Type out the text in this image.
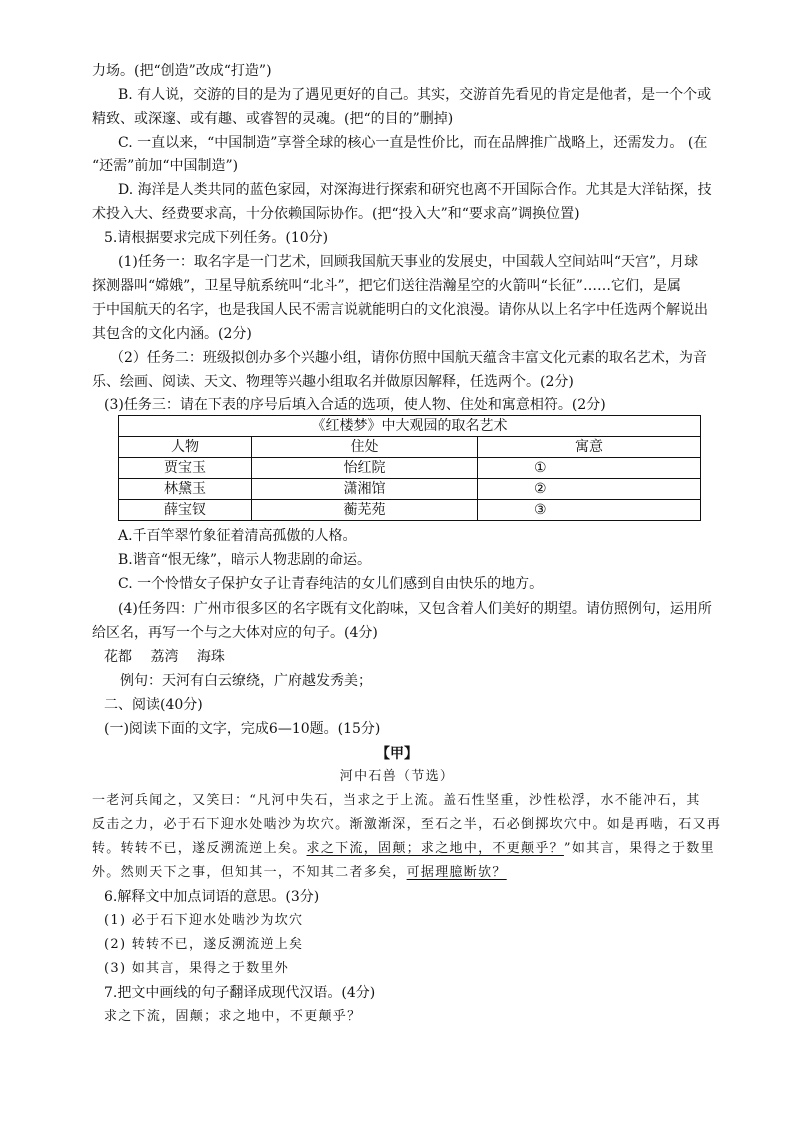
力场。(把“创造”改成“打造”)
B. 有人说，交游的目的是为了遇见更好的自己。其实，交游首先看见的肯定是他者，是一个个或
精致、或深邃、或有趣、或睿智的灵魂。(把“的目的”删掉)
C. 一直以来，“中国制造”享誉全球的核心一直是性价比，而在品牌推广战略上，还需发力。 (在
“还需”前加“中国制造”)
D. 海洋是人类共同的蓝色家园，对深海进行探索和研究也离不开国际合作。尤其是大洋钻探，技
术投入大、经费要求高，十分依赖国际协作。(把“投入大”和“要求高”调换位置)
5.请根据要求完成下列任务。(10分)
(1)任务一：取名字是一门艺术，回顾我国航天事业的发展史，中国载人空间站叫“天宫”，月球
探测器叫“嫦娥”，卫星导航系统叫“北斗”，把它们送往浩瀚星空的火箭叫“长征”……它们，是属
于中国航天的名字，也是我国人民不需言说就能明白的文化浪漫。请你从以上名字中任选两个解说出
其包含的文化内涵。(2分)
（2）任务二：班级拟创办多个兴趣小组，请你仿照中国航天蕴含丰富文化元素的取名艺术，为音
乐、绘画、阅读、天文、物理等兴趣小组取名并做原因解释，任选两个。(2分)
(3)任务三：请在下表的序号后填入合适的选项，使人物、住处和寓意相符。(2分)
《红楼梦》中大观园的取名艺术		
人物	住处	寓意
贾宝玉	怡红院	①
林黛玉	潇湘馆	②
薛宝钗	蘅芜苑	③
A.千百竿翠竹象征着清高孤傲的人格。
B.谐音“恨无缘”，暗示人物悲剧的命运。
C. 一个怜惜女子保护女子让青春纯洁的女儿们感到自由快乐的地方。
(4)任务四：广州市很多区的名字既有文化韵味，又包含着人们美好的期望。请仿照例句，运用所
给区名，再写一个与之大体对应的句子。(4分)
花都　 荔湾　 海珠
例句：天河有白云缭绕，广府越发秀美；
二、阅读(40分)
(一)阅读下面的文字，完成6—10题。(15分)
【甲】
河中石兽（节选）
一老河兵闻之，又笑曰：“凡河中失石，当求之于上流。盖石性坚重，沙性松浮，水不能冲石，其
反击之力，必于石下迎水处啮沙为坎穴。渐激渐深，至石之半，石必倒掷坎穴中。如是再啮，石又再
转。转转不已，遂反溯流逆上矣。求之下流，固颠；求之地中，不更颠乎？”如其言，果得之于数里
外。然则天下之事，但知其一，不知其二者多矣，可据理臆断欤？
6.解释文中加点词语的意思。(3分)
(1) 必于石下迎水处啮沙为坎穴
(2) 转转不已，遂反溯流逆上矣
(3) 如其言，果得之于数里外
7.把文中画线的句子翻译成现代汉语。(4分)
求之下流，固颠；求之地中，不更颠乎？
